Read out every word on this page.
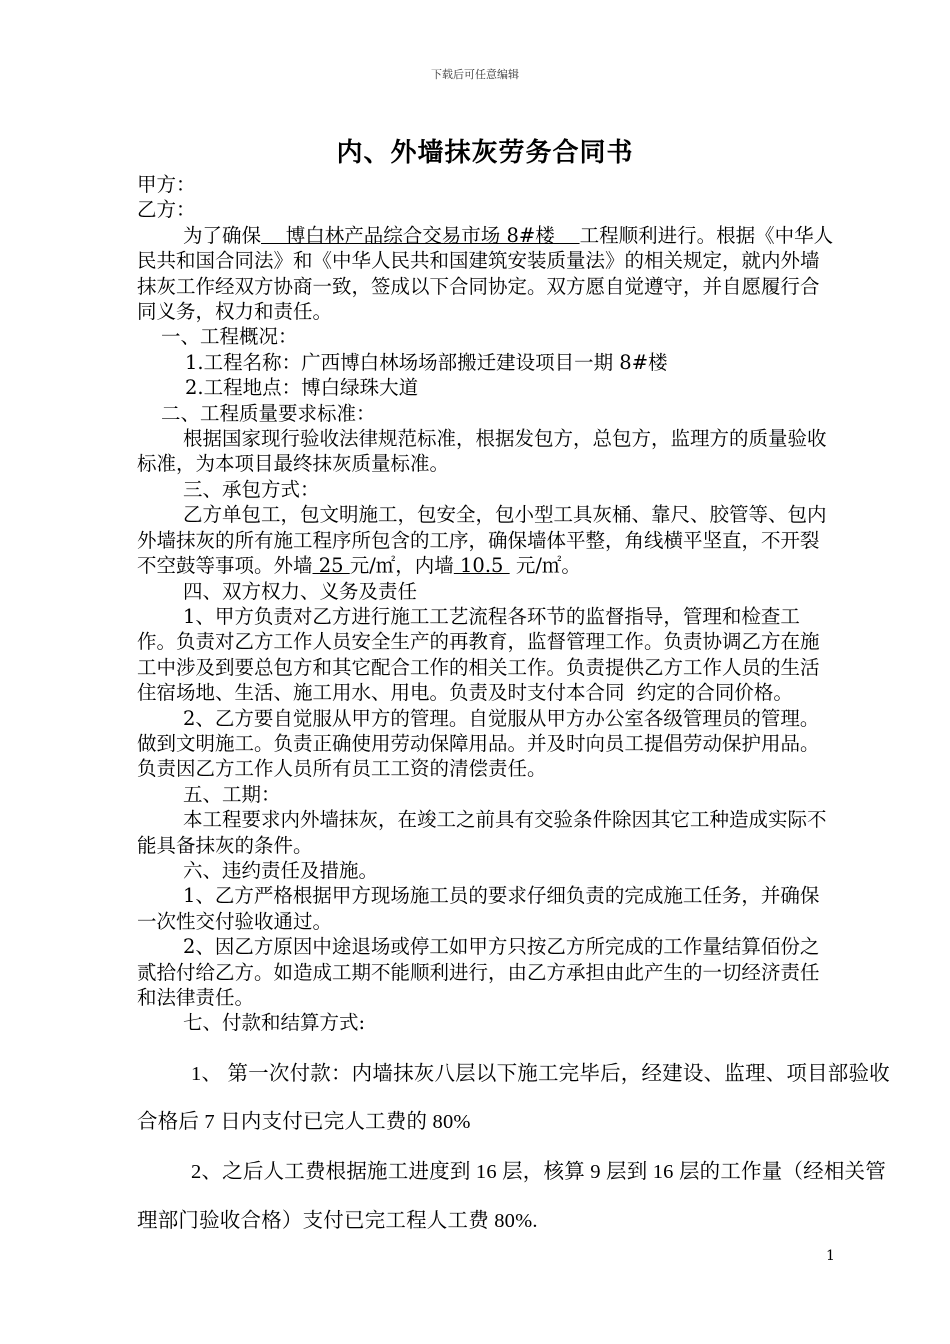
下载后可任意编辑
内、外墙抹灰劳务合同书

甲方：

乙方：

为了确保    博白林产品综合交易市场 8#楼    工程顺利进行。根据《中华人民共和国合同法》和《中华人民共和国建筑安装质量法》的相关规定，就内外墙抹灰工作经双方协商一致，签成以下合同协定。双方愿自觉遵守，并自愿履行合同义务，权力和责任。

一、工程概况：

1.工程名称：广西博白林场场部搬迁建设项目一期 8#楼

2.工程地点：博白绿珠大道

二、工程质量要求标准：

根据国家现行验收法律规范标准，根据发包方，总包方，监理方的质量验收标准，为本项目最终抹灰质量标准。

三、承包方式：

乙方单包工，包文明施工，包安全，包小型工具灰桶、靠尺、胶管等、包内外墙抹灰的所有施工程序所包含的工序，确保墙体平整，角线横平坚直，不开裂不空鼓等事项。外墙 25 元/㎡，内墙 10.5  元/㎡。

四、双方权力、义务及责任

1、甲方负责对乙方进行施工工艺流程各环节的监督指导，管理和检查工作。负责对乙方工作人员安全生产的再教育，监督管理工作。负责协调乙方在施工中涉及到要总包方和其它配合工作的相关工作。负责提供乙方工作人员的生活住宿场地、生活、施工用水、用电。负责及时支付本合同  约定的合同价格。

2、乙方要自觉服从甲方的管理。自觉服从甲方办公室各级管理员的管理。做到文明施工。负责正确使用劳动保障用品。并及时向员工提倡劳动保护用品。负责因乙方工作人员所有员工工资的清偿责任。

五、工期：

本工程要求内外墙抹灰，在竣工之前具有交验条件除因其它工种造成实际不能具备抹灰的条件。

六、违约责任及措施。

1、乙方严格根据甲方现场施工员的要求仔细负责的完成施工任务，并确保一次性交付验收通过。

2、因乙方原因中途退场或停工如甲方只按乙方所完成的工作量结算佰份之贰拾付给乙方。如造成工期不能顺利进行，由乙方承担由此产生的一切经济责任和法律责任。

七、付款和结算方式:

1、 第一次付款：内墙抹灰八层以下施工完毕后，经建设、监理、项目部验收
合格后 7 日内支付已完人工费的 80%
2、之后人工费根据施工进度到 16 层，核算 9 层到 16 层的工作量（经相关管
理部门验收合格）支付已完工程人工费 80%.
1
